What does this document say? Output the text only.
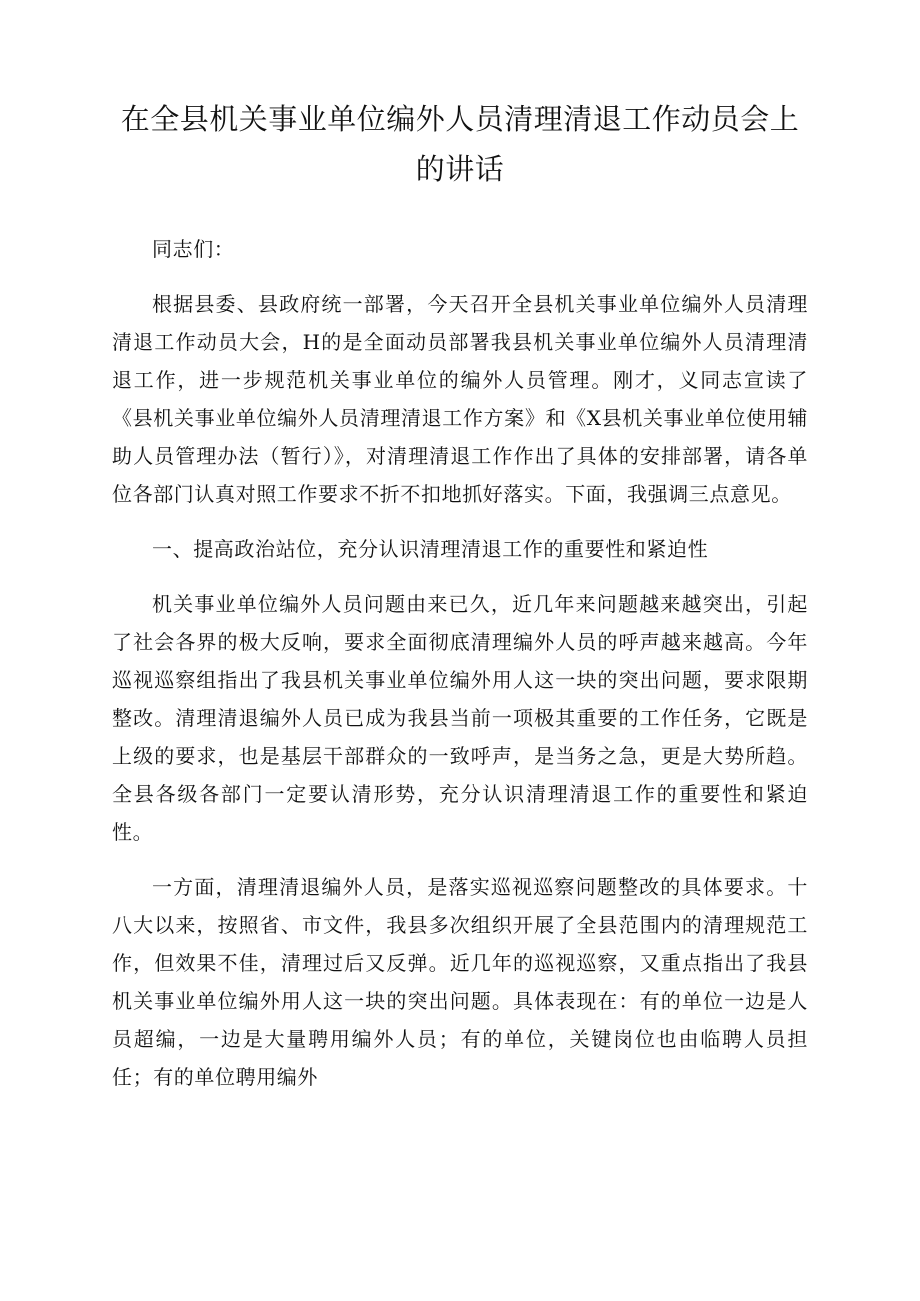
在全县机关事业单位编外人员清理清退工作动员会上的讲话

同志们：

根据县委、县政府统一部署，今天召开全县机关事业单位编外人员清理清退工作动员大会，H的是全面动员部署我县机关事业单位编外人员清理清退工作，进一步规范机关事业单位的编外人员管理。刚才，义同志宣读了《县机关事业单位编外人员清理清退工作方案》和《X县机关事业单位使用辅助人员管理办法（暂行）》，对清理清退工作作出了具体的安排部署，请各单位各部门认真对照工作要求不折不扣地抓好落实。下面，我强调三点意见。

一、提高政治站位，充分认识清理清退工作的重要性和紧迫性

机关事业单位编外人员问题由来已久，近几年来问题越来越突出，引起了社会各界的极大反响，要求全面彻底清理编外人员的呼声越来越高。今年巡视巡察组指出了我县机关事业单位编外用人这一块的突出问题，要求限期整改。清理清退编外人员已成为我县当前一项极其重要的工作任务，它既是上级的要求，也是基层干部群众的一致呼声，是当务之急，更是大势所趋。全县各级各部门一定要认清形势，充分认识清理清退工作的重要性和紧迫性。

一方面，清理清退编外人员，是落实巡视巡察问题整改的具体要求。十八大以来，按照省、市文件，我县多次组织开展了全县范围内的清理规范工作，但效果不佳，清理过后又反弹。近几年的巡视巡察，又重点指出了我县机关事业单位编外用人这一块的突出问题。具体表现在：有的单位一边是人员超编，一边是大量聘用编外人员；有的单位，关键岗位也由临聘人员担任；有的单位聘用编外
